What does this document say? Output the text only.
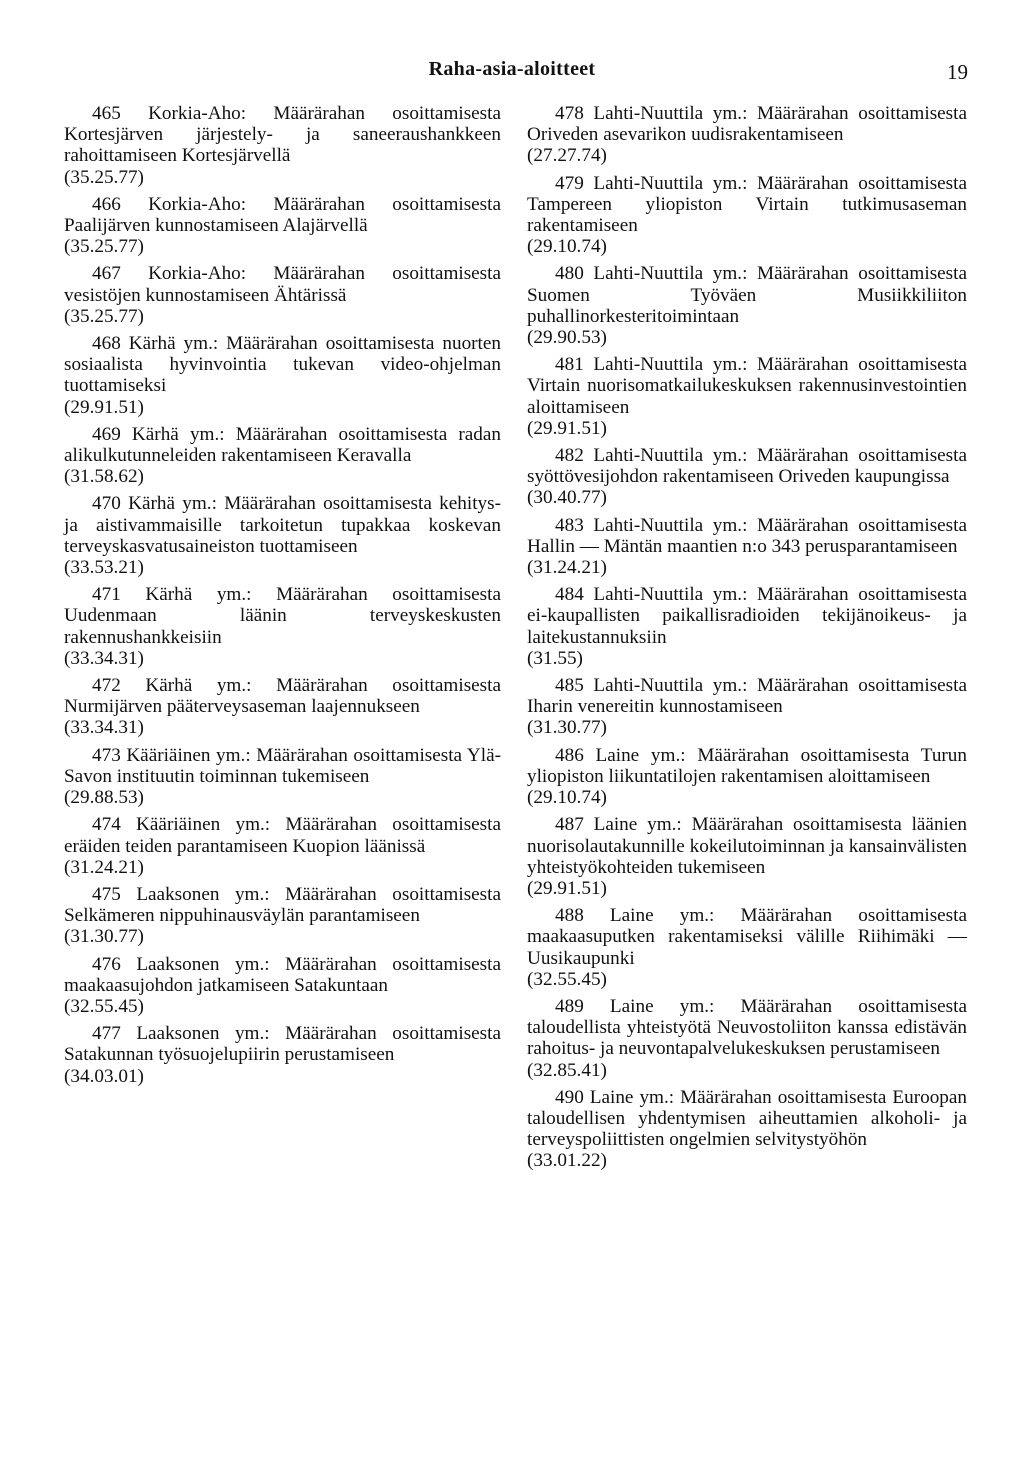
Raha-asia-aloitteet	19

465 Korkia-Aho: Määrärahan osoittamisesta Kortesjärven järjestely- ja saneeraushankkeen rahoittamiseen Kortesjärvellä

(35.25.77)

466 Korkia-Aho: Määrärahan osoittamisesta Paalijärven kunnostamiseen Alajärvellä

(35.25.77)

467 Korkia-Aho: Määrärahan osoittamisesta vesistöjen kunnostamiseen Ähtärissä

(35.25.77)

468 Kärhä ym.: Määrärahan osoittamisesta nuorten sosiaalista hyvinvointia tukevan video-ohjelman tuottamiseksi

(29.91.51)

469 Kärhä ym.: Määrärahan osoittamisesta radan alikulkutunneleiden rakentamiseen Keravalla

(31.58.62)

470 Kärhä ym.: Määrärahan osoittamisesta kehitys- ja aistivammaisille tarkoitetun tupakkaa koskevan terveyskasvatusaineiston tuottamiseen

(33.53.21)

471 Kärhä ym.: Määrärahan osoittamisesta Uudenmaan läänin terveyskeskusten rakennushankkeisiin

(33.34.31)

472 Kärhä ym.: Määrärahan osoittamisesta Nurmijärven pääterveysaseman laajennukseen

(33.34.31)

473 Kääriäinen ym.: Määrärahan osoittamisesta Ylä-Savon instituutin toiminnan tukemiseen

(29.88.53)

474 Kääriäinen ym.: Määrärahan osoittamisesta eräiden teiden parantamiseen Kuopion läänissä

(31.24.21)

475 Laaksonen ym.: Määrärahan osoittamisesta Selkämeren nippuhinausväylän parantamiseen

(31.30.77)

476 Laaksonen ym.: Määrärahan osoittamisesta maakaasujohdon jatkamiseen Satakuntaan

(32.55.45)

477 Laaksonen ym.: Määrärahan osoittamisesta Satakunnan työsuojelupiirin perustamiseen

(34.03.01)

478 Lahti-Nuuttila ym.: Määrärahan osoittamisesta Oriveden asevarikon uudisrakentamiseen

(27.27.74)

479 Lahti-Nuuttila ym.: Määrärahan osoittamisesta Tampereen yliopiston Virtain tutkimusaseman rakentamiseen

(29.10.74)

480 Lahti-Nuuttila ym.: Määrärahan osoittamisesta Suomen Työväen Musiikkiliiton puhallinorkesteritoimintaan

(29.90.53)

481 Lahti-Nuuttila ym.: Määrärahan osoittamisesta Virtain nuorisomatkailukeskuksen rakennusinvestointien aloittamiseen

(29.91.51)

482 Lahti-Nuuttila ym.: Määrärahan osoittamisesta syöttövesijohdon rakentamiseen Oriveden kaupungissa

(30.40.77)

483 Lahti-Nuuttila ym.: Määrärahan osoittamisesta Hallin — Mäntän maantien n:o 343 perusparantamiseen

(31.24.21)

484 Lahti-Nuuttila ym.: Määrärahan osoittamisesta ei-kaupallisten paikallisradioiden tekijänoikeus- ja laitekustannuksiin

(31.55)

485 Lahti-Nuuttila ym.: Määrärahan osoittamisesta Iharin venereitin kunnostamiseen

(31.30.77)

486 Laine ym.: Määrärahan osoittamisesta Turun yliopiston liikuntatilojen rakentamisen aloittamiseen

(29.10.74)

487 Laine ym.: Määrärahan osoittamisesta läänien nuorisolautakunnille kokeilutoiminnan ja kansainvälisten yhteistyökohteiden tukemiseen

(29.91.51)

488 Laine ym.: Määrärahan osoittamisesta maakaasuputken rakentamiseksi välille Riihimäki — Uusikaupunki

(32.55.45)

489 Laine ym.: Määrärahan osoittamisesta taloudellista yhteistyötä Neuvostoliiton kanssa edistävän rahoitus- ja neuvontapalvelukeskuksen perustamiseen

(32.85.41)

490 Laine ym.: Määrärahan osoittamisesta Euroopan taloudellisen yhdentymisen aiheuttamien alkoholi- ja terveyspoliittisten ongelmien selvitystyöhön

(33.01.22)
